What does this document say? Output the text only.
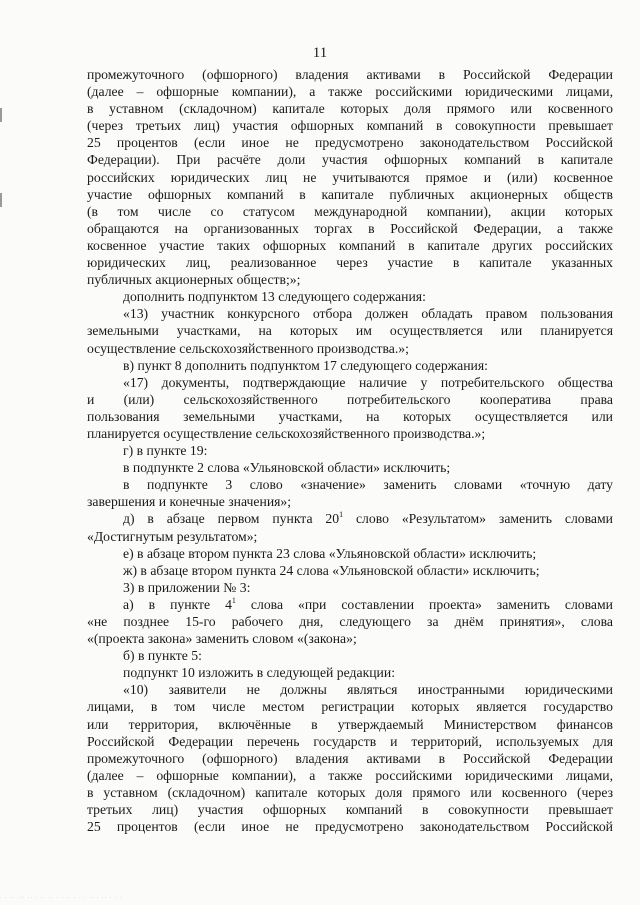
11
промежуточного (офшорного) владения активами в Российской Федерации
(далее – офшорные компании), а также российскими юридическими лицами,
в уставном (складочном) капитале которых доля прямого или косвенного
(через третьих лиц) участия офшорных компаний в совокупности превышает
25 процентов (если иное не предусмотрено законодательством Российской
Федерации). При расчёте доли участия офшорных компаний в капитале
российских юридических лиц не учитываются прямое и (или) косвенное
участие офшорных компаний в капитале публичных акционерных обществ
(в том числе со статусом международной компании), акции которых
обращаются на организованных торгах в Российской Федерации, а также
косвенное участие таких офшорных компаний в капитале других российских
юридических лиц, реализованное через участие в капитале указанных
публичных акционерных обществ;»;
дополнить подпунктом 13 следующего содержания:
«13) участник конкурсного отбора должен обладать правом пользования
земельными участками, на которых им осуществляется или планируется
осуществление сельскохозяйственного производства.»;
в) пункт 8 дополнить подпунктом 17 следующего содержания:
«17) документы, подтверждающие наличие у потребительского общества
и (или) сельскохозяйственного потребительского кооператива права
пользования земельными участками, на которых осуществляется или
планируется осуществление сельскохозяйственного производства.»;
г) в пункте 19:
в подпункте 2 слова «Ульяновской области» исключить;
в подпункте 3 слово «значение» заменить словами «точную дату
завершения и конечные значения»;
д) в абзаце первом пункта $20^1$ слово «Результатом» заменить словами
«Достигнутым результатом»;
е) в абзаце втором пункта 23 слова «Ульяновской области» исключить;
ж) в абзаце втором пункта 24 слова «Ульяновской области» исключить;
3) в приложении № 3:
а) в пункте $4^1$ слова «при составлении проекта» заменить словами
«не позднее 15-го рабочего дня, следующего за днём принятия», слова
«(проекта закона» заменить словом «(закона»;
б) в пункте 5:
подпункт 10 изложить в следующей редакции:
«10) заявители не должны являться иностранными юридическими
лицами, в том числе местом регистрации которых является государство
или территория, включённые в утверждаемый Министерством финансов
Российской Федерации перечень государств и территорий, используемых для
промежуточного (офшорного) владения активами в Российской Федерации
(далее – офшорные компании), а также российскими юридическими лицами,
в уставном (складочном) капитале которых доля прямого или косвенного (через
третьих лиц) участия офшорных компаний в совокупности превышает
25 процентов (если иное не предусмотрено законодательством Российской
· · ·· ·:· ·· · ·· ·· · · ·· · · · ·· · ·· · · ·
